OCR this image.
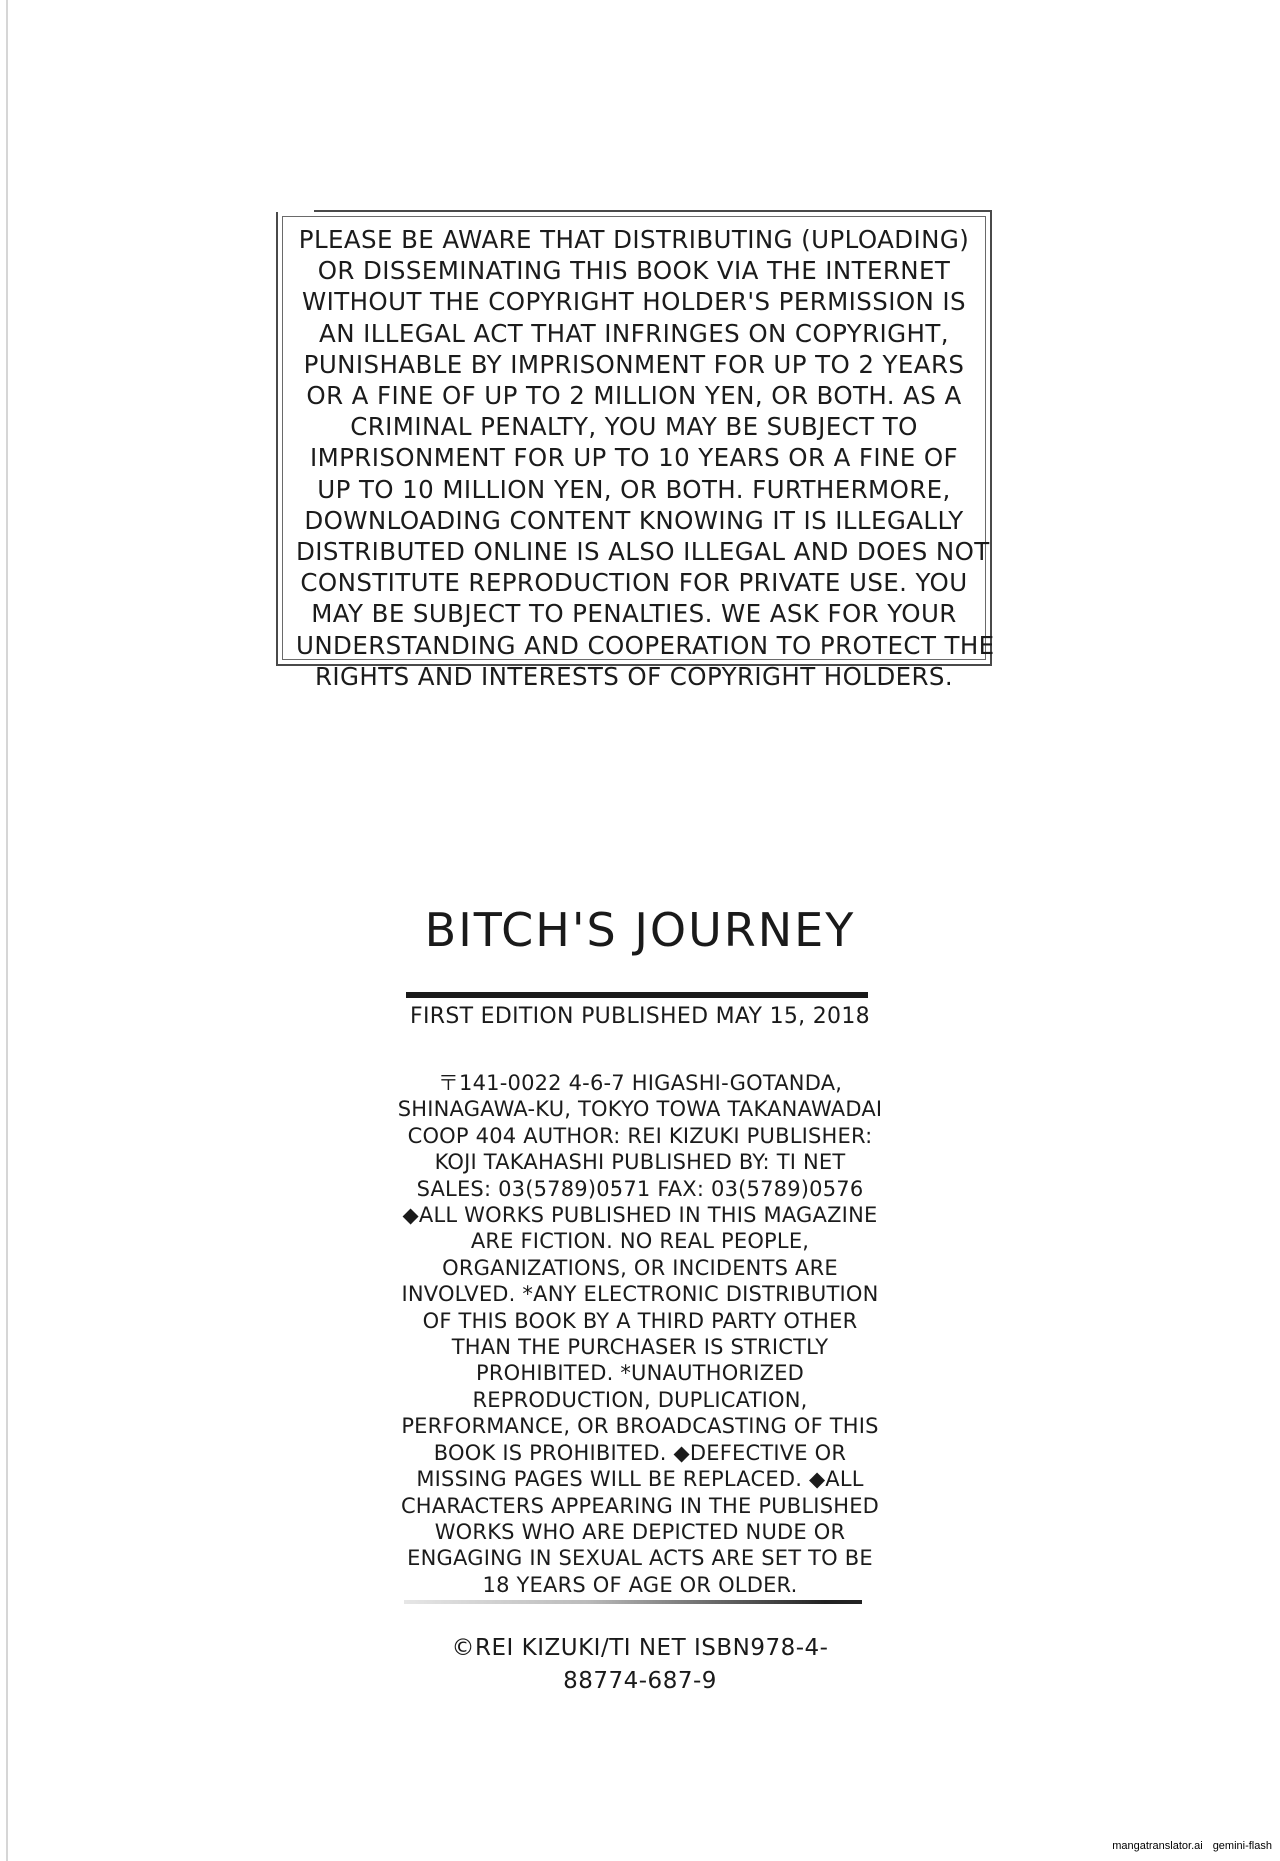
PLEASE BE AWARE THAT DISTRIBUTING (UPLOADING)
OR DISSEMINATING THIS BOOK VIA THE INTERNET
WITHOUT THE COPYRIGHT HOLDER'S PERMISSION IS
AN ILLEGAL ACT THAT INFRINGES ON COPYRIGHT,
PUNISHABLE BY IMPRISONMENT FOR UP TO 2 YEARS
OR A FINE OF UP TO 2 MILLION YEN, OR BOTH. AS A
CRIMINAL PENALTY, YOU MAY BE SUBJECT TO
IMPRISONMENT FOR UP TO 10 YEARS OR A FINE OF
UP TO 10 MILLION YEN, OR BOTH. FURTHERMORE,
DOWNLOADING CONTENT KNOWING IT IS ILLEGALLY
DISTRIBUTED ONLINE IS ALSO ILLEGAL AND DOES NOT
CONSTITUTE REPRODUCTION FOR PRIVATE USE. YOU
MAY BE SUBJECT TO PENALTIES. WE ASK FOR YOUR
UNDERSTANDING AND COOPERATION TO PROTECT THE
RIGHTS AND INTERESTS OF COPYRIGHT HOLDERS.
BITCH'S JOURNEY
FIRST EDITION PUBLISHED MAY 15, 2018
〒141-0022 4-6-7 HIGASHI-GOTANDA,
SHINAGAWA-KU, TOKYO TOWA TAKANAWADAI
COOP 404 AUTHOR: REI KIZUKI PUBLISHER:
KOJI TAKAHASHI PUBLISHED BY: TI NET
SALES: 03(5789)0571 FAX: 03(5789)0576
◆ALL WORKS PUBLISHED IN THIS MAGAZINE
ARE FICTION. NO REAL PEOPLE,
ORGANIZATIONS, OR INCIDENTS ARE
INVOLVED. *ANY ELECTRONIC DISTRIBUTION
OF THIS BOOK BY A THIRD PARTY OTHER
THAN THE PURCHASER IS STRICTLY
PROHIBITED. *UNAUTHORIZED
REPRODUCTION, DUPLICATION,
PERFORMANCE, OR BROADCASTING OF THIS
BOOK IS PROHIBITED. ◆DEFECTIVE OR
MISSING PAGES WILL BE REPLACED. ◆ALL
CHARACTERS APPEARING IN THE PUBLISHED
WORKS WHO ARE DEPICTED NUDE OR
ENGAGING IN SEXUAL ACTS ARE SET TO BE
18 YEARS OF AGE OR OLDER.
©REI KIZUKI/TI NET ISBN978-4-
88774-687-9
mangatranslator.ai gemini-flash
